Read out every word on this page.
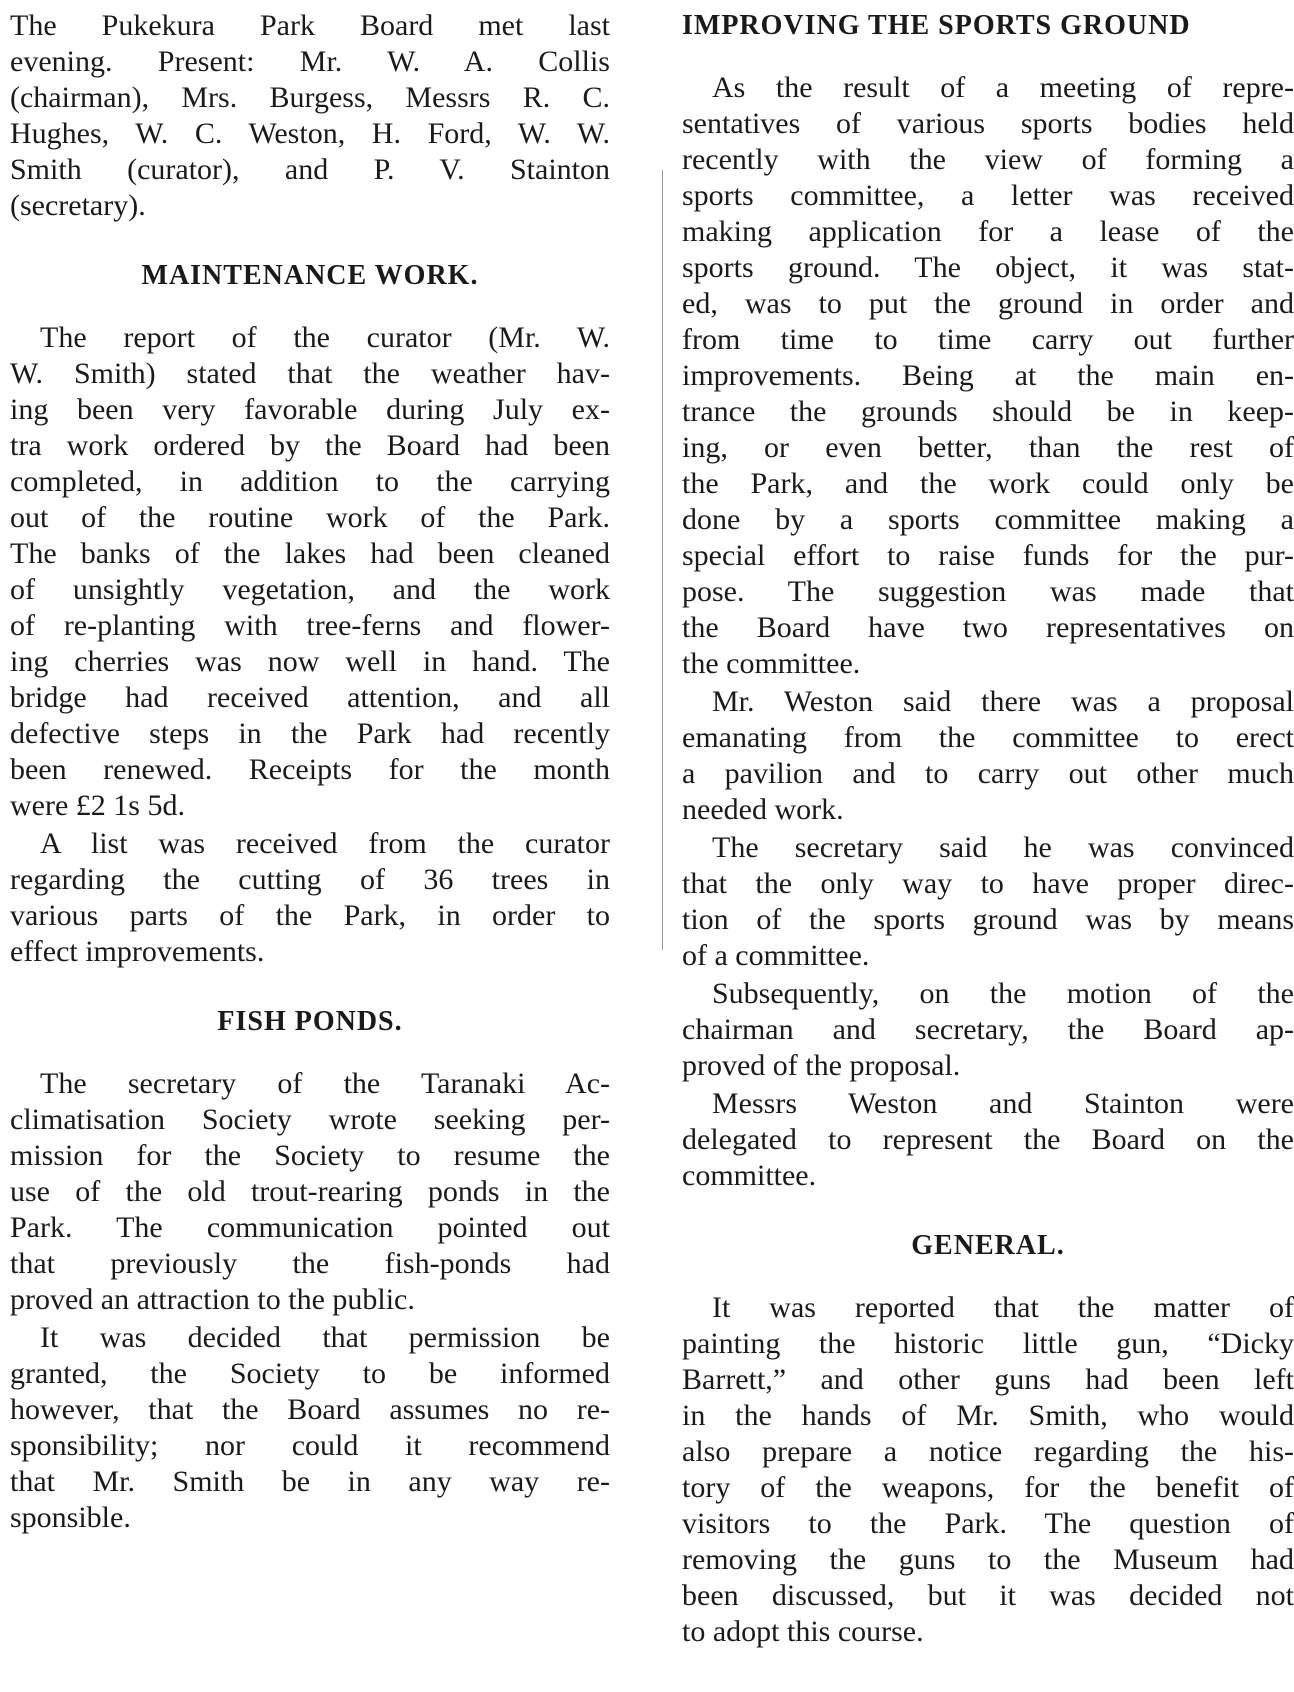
The Pukekura Park Board met last
evening. Present: Mr. W. A. Collis
(chairman), Mrs. Burgess, Messrs R. C.
Hughes, W. C. Weston, H. Ford, W. W.
Smith (curator), and P. V. Stainton
(secretary).
MAINTENANCE WORK.
The report of the curator (Mr. W.
W. Smith) stated that the weather hav-
ing been very favorable during July ex-
tra work ordered by the Board had been
completed, in addition to the carrying
out of the routine work of the Park.
The banks of the lakes had been cleaned
of unsightly vegetation, and the work
of re-planting with tree-ferns and flower-
ing cherries was now well in hand. The
bridge had received attention, and all
defective steps in the Park had recently
been renewed. Receipts for the month
were £2 1s 5d.
A list was received from the curator
regarding the cutting of 36 trees in
various parts of the Park, in order to
effect improvements.
FISH PONDS.
The secretary of the Taranaki Ac-
climatisation Society wrote seeking per-
mission for the Society to resume the
use of the old trout-rearing ponds in the
Park. The communication pointed out
that previously the fish-ponds had
proved an attraction to the public.
It was decided that permission be
granted, the Society to be informed
however, that the Board assumes no re-
sponsibility; nor could it recommend
that Mr. Smith be in any way re-
sponsible.
IMPROVING THE SPORTS GROUND
As the result of a meeting of repre-
sentatives of various sports bodies held
recently with the view of forming a
sports committee, a letter was received
making application for a lease of the
sports ground. The object, it was stat-
ed, was to put the ground in order and
from time to time carry out further
improvements. Being at the main en-
trance the grounds should be in keep-
ing, or even better, than the rest of
the Park, and the work could only be
done by a sports committee making a
special effort to raise funds for the pur-
pose. The suggestion was made that
the Board have two representatives on
the committee.
Mr. Weston said there was a proposal
emanating from the committee to erect
a pavilion and to carry out other much
needed work.
The secretary said he was convinced
that the only way to have proper direc-
tion of the sports ground was by means
of a committee.
Subsequently, on the motion of the
chairman and secretary, the Board ap-
proved of the proposal.
Messrs Weston and Stainton were
delegated to represent the Board on the
committee.
GENERAL.
It was reported that the matter of
painting the historic little gun, “Dicky
Barrett,” and other guns had been left
in the hands of Mr. Smith, who would
also prepare a notice regarding the his-
tory of the weapons, for the benefit of
visitors to the Park. The question of
removing the guns to the Museum had
been discussed, but it was decided not
to adopt this course.
